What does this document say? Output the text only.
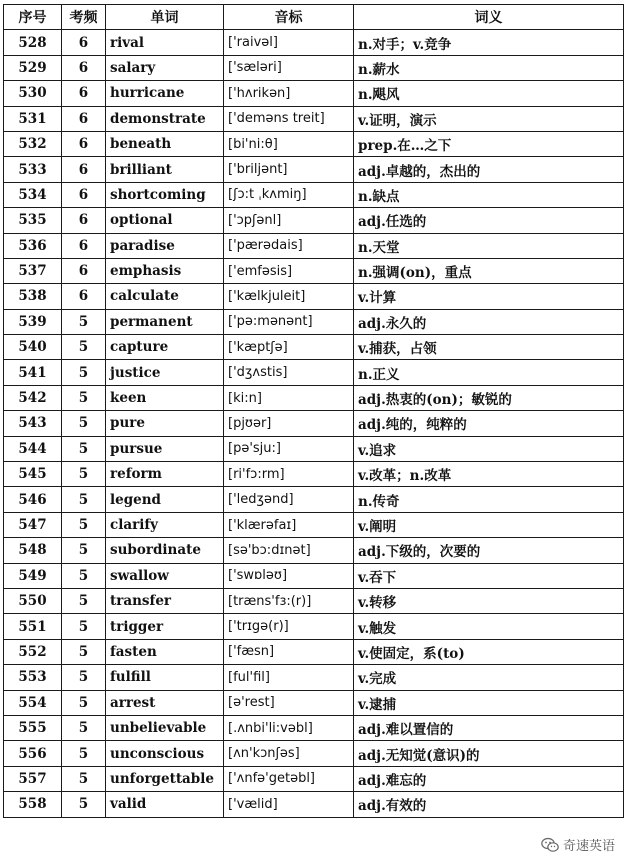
序号	考频	单词	音标	词义
528	6	rival	['raivəl]	n.对手；v.竞争
529	6	salary	['sæləri]	n.薪水
530	6	hurricane	['hʌrikən]	n.飓风
531	6	demonstrate	['deməns treit]	v.证明，演示
532	6	beneath	[bi'ni:θ]	prep.在…之下
533	6	brilliant	['briljənt]	adj.卓越的，杰出的
534	6	shortcoming	[ʃɔ:t ˌkʌmiŋ]	n.缺点
535	6	optional	['ɔpʃənl]	adj.任选的
536	6	paradise	['pærədais]	n.天堂
537	6	emphasis	['emfəsis]	n.强调(on)，重点
538	6	calculate	['kælkjuleit]	v.计算
539	5	permanent	['pə:mənənt]	adj.永久的
540	5	capture	['kæptʃə]	v.捕获，占领
541	5	justice	['dʒʌstis]	n.正义
542	5	keen	[ki:n]	adj.热衷的(on)；敏锐的
543	5	pure	[pjʊər]	adj.纯的，纯粹的
544	5	pursue	[pə'sju:]	v.追求
545	5	reform	[ri'fɔ:rm]	v.改革；n.改革
546	5	legend	['ledʒənd]	n.传奇
547	5	clarify	['klærəfaɪ]	v.阐明
548	5	subordinate	[sə'bɔ:dɪnət]	adj.下级的，次要的
549	5	swallow	['swɒləʊ]	v.吞下
550	5	transfer	[træns'fɜ:(r)]	v.转移
551	5	trigger	['trɪgə(r)]	v.触发
552	5	fasten	['fæsn]	v.使固定，系(to)
553	5	fulfill	[ful'fil]	v.完成
554	5	arrest	[ə'rest]	v.逮捕
555	5	unbelievable	[.ʌnbi'li:vəbl]	adj.难以置信的
556	5	unconscious	[ʌn'kɔnʃəs]	adj.无知觉(意识)的
557	5	unforgettable	['ʌnfə'getəbl]	adj.难忘的
558	5	valid	['vælid]	adj.有效的
奇速英语
